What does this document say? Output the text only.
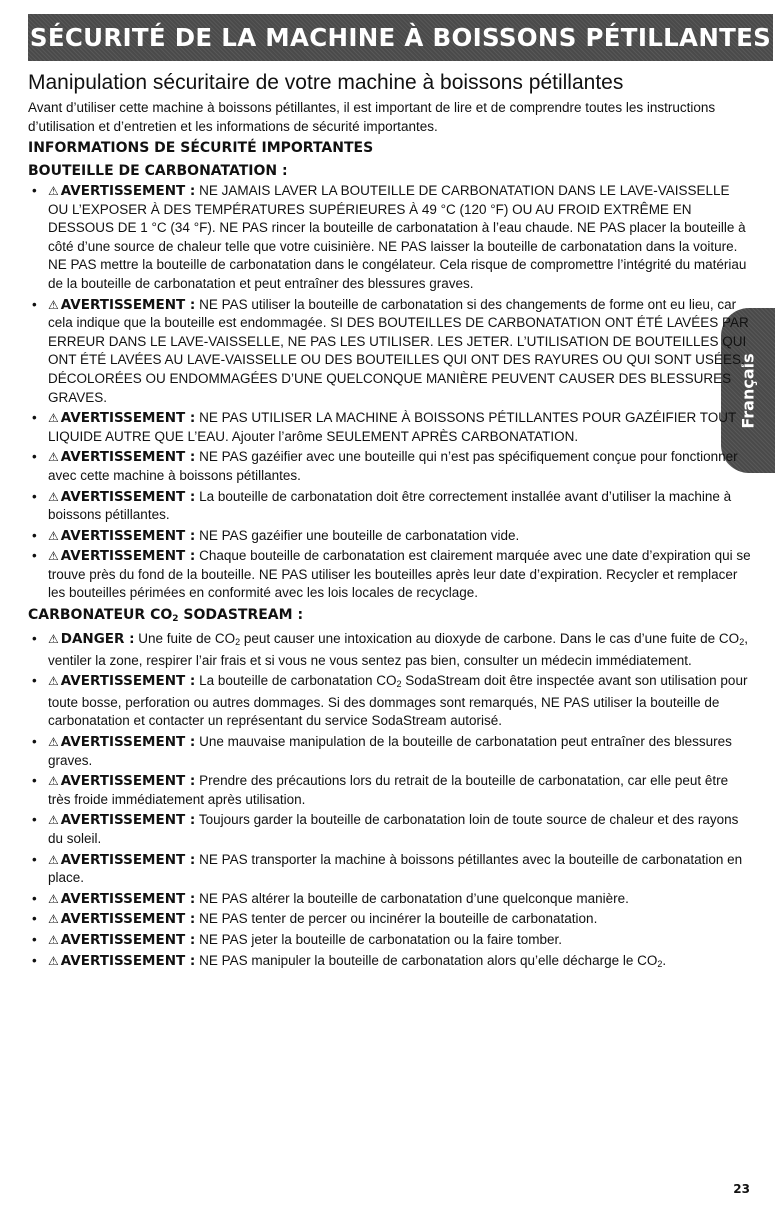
SÉCURITÉ DE LA MACHINE À BOISSONS PÉTILLANTES
Français
Manipulation sécuritaire de votre machine à boissons pétillantes

Avant d’utiliser cette machine à boissons pétillantes, il est important de lire et de comprendre toutes les instructions d’utilisation et d’entretien et les informations de sécurité importantes.

INFORMATIONS DE SÉCURITÉ IMPORTANTES
BOUTEILLE DE CARBONATATION :
• ⚠ AVERTISSEMENT : NE JAMAIS LAVER LA BOUTEILLE DE CARBONATATION DANS LE LAVE-VAISSELLE OU L’EXPOSER À DES TEMPÉRATURES SUPÉRIEURES À 49 °C (120 °F) OU AU FROID EXTRÊME EN DESSOUS DE 1 °C (34 °F). NE PAS rincer la bouteille de carbonatation à l’eau chaude. NE PAS placer la bouteille à côté d’une source de chaleur telle que votre cuisinière. NE PAS laisser la bouteille de carbonatation dans la voiture. NE PAS mettre la bouteille de carbonatation dans le congélateur. Cela risque de compromettre l’intégrité du matériau de la bouteille de carbonatation et peut entraîner des blessures graves.
• ⚠ AVERTISSEMENT : NE PAS utiliser la bouteille de carbonatation si des changements de forme ont eu lieu, car cela indique que la bouteille est endommagée. SI DES BOUTEILLES DE CARBONATATION ONT ÉTÉ LAVÉES PAR ERREUR DANS LE LAVE-VAISSELLE, NE PAS LES UTILISER. LES JETER. L’UTILISATION DE BOUTEILLES QUI ONT ÉTÉ LAVÉES AU LAVE-VAISSELLE OU DES BOUTEILLES QUI ONT DES RAYURES OU QUI SONT USÉES, DÉCOLORÉES OU ENDOMMAGÉES D’UNE QUELCONQUE MANIÈRE PEUVENT CAUSER DES BLESSURES GRAVES.
• ⚠ AVERTISSEMENT : NE PAS UTILISER LA MACHINE À BOISSONS PÉTILLANTES POUR GAZÉIFIER TOUT LIQUIDE AUTRE QUE L’EAU. Ajouter l’arôme SEULEMENT APRÈS CARBONATATION.
• ⚠ AVERTISSEMENT : NE PAS gazéifier avec une bouteille qui n’est pas spécifiquement conçue pour fonctionner avec cette machine à boissons pétillantes.
• ⚠ AVERTISSEMENT : La bouteille de carbonatation doit être correctement installée avant d’utiliser la machine à boissons pétillantes.
• ⚠ AVERTISSEMENT : NE PAS gazéifier une bouteille de carbonatation vide.
• ⚠ AVERTISSEMENT : Chaque bouteille de carbonatation est clairement marquée avec une date d’expiration qui se trouve près du fond de la bouteille. NE PAS utiliser les bouteilles après leur date d’expiration. Recycler et remplacer les bouteilles périmées en conformité avec les lois locales de recyclage.
CARBONATEUR $CO_2$ SODASTREAM :
• ⚠ DANGER : Une fuite de $CO_2$ peut causer une intoxication au dioxyde de carbone. Dans le cas d’une fuite de $CO_2$, ventiler la zone, respirer l’air frais et si vous ne vous sentez pas bien, consulter un médecin immédiatement.
• ⚠ AVERTISSEMENT : La bouteille de carbonatation $CO_2$ SodaStream doit être inspectée avant son utilisation pour toute bosse, perforation ou autres dommages. Si des dommages sont remarqués, NE PAS utiliser la bouteille de carbonatation et contacter un représentant du service SodaStream autorisé.
• ⚠ AVERTISSEMENT : Une mauvaise manipulation de la bouteille de carbonatation peut entraîner des blessures graves.
• ⚠ AVERTISSEMENT : Prendre des précautions lors du retrait de la bouteille de carbonatation, car elle peut être très froide immédiatement après utilisation.
• ⚠ AVERTISSEMENT : Toujours garder la bouteille de carbonatation loin de toute source de chaleur et des rayons du soleil.
• ⚠ AVERTISSEMENT : NE PAS transporter la machine à boissons pétillantes avec la bouteille de carbonatation en place.
• ⚠ AVERTISSEMENT : NE PAS altérer la bouteille de carbonatation d’une quelconque manière.
• ⚠ AVERTISSEMENT : NE PAS tenter de percer ou incinérer la bouteille de carbonatation.
• ⚠ AVERTISSEMENT : NE PAS jeter la bouteille de carbonatation ou la faire tomber.
• ⚠ AVERTISSEMENT : NE PAS manipuler la bouteille de carbonatation alors qu’elle décharge le $CO_2$.
23
